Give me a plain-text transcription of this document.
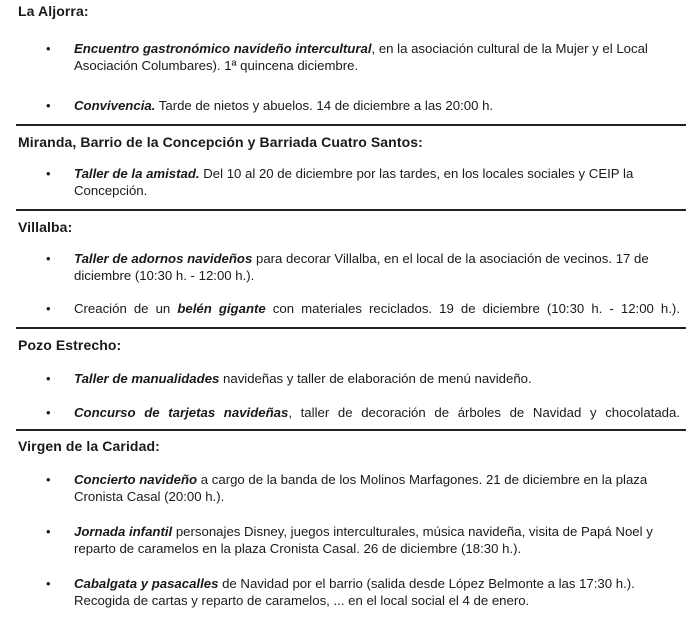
La Aljorra:
• Encuentro gastronómico navideño intercultural, en la asociación cultural de la Mujer y el Local Asociación Columbares). 1ª quincena diciembre.
• Convivencia. Tarde de nietos y abuelos. 14 de diciembre a las 20:00 h.
Miranda, Barrio de la Concepción y Barriada Cuatro Santos:
• Taller de la amistad. Del 10 al 20 de diciembre por las tardes, en los locales sociales y CEIP la Concepción.
Villalba:
• Taller de adornos navideños para decorar Villalba, en el local de la asociación de vecinos. 17 de diciembre (10:30 h. - 12:00 h.).
• Creación de un belén gigante con materiales reciclados. 19 de diciembre (10:30 h. - 12:00 h.).
Pozo Estrecho:
• Taller de manualidades navideñas y taller de elaboración de menú navideño.
• Concurso de tarjetas navideñas, taller de decoración de árboles de Navidad y chocolatada.
Virgen de la Caridad:
• Concierto navideño a cargo de la banda de los Molinos Marfagones. 21 de diciembre en la plaza Cronista Casal (20:00 h.).
• Jornada infantil personajes Disney, juegos interculturales, música navideña, visita de Papá Noel y reparto de caramelos en la plaza Cronista Casal. 26 de diciembre (18:30 h.).
• Cabalgata y pasacalles de Navidad por el barrio (salida desde López Belmonte a las 17:30 h.). Recogida de cartas y reparto de caramelos, ... en el local social el 4 de enero.
